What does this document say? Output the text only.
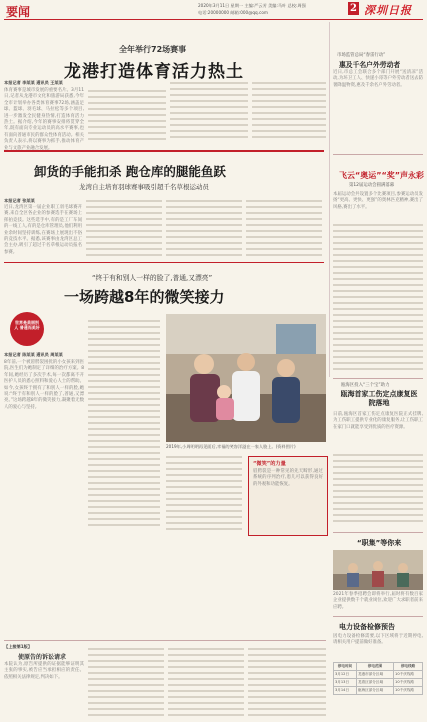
要闻	2020年3月11日 星期一 主编:严云芳 美编:马叶 总校:周强
电话:20000000 邮箱:000@qq.com	2 深圳日报
全年举行72场赛事
龙港打造体育活力热土
本报记者 李某某 通讯员 王某某
体育赛事是城市发展的重要名片。3月11日,记者从龙港市文化和旅游局获悉,今年全市计划举办各类体育赛事72场,涵盖足球、篮球、羽毛球、马拉松等多个项目,进一步激发全民健身热情,打造体育活力热土。据介绍,今年的赛事安排将贯穿全年,既有面向专业运动员的高水平赛事,也有面向普通市民的群众性体育活动。相关负责人表示,将以赛事为抓手,推动体育产业与文旅产业融合发展。
卸货的手能扣杀 跑仓库的腿能鱼跃
龙湾自主培育羽球赛事吸引超千名草根运动员
本报记者 张某某
近日,龙湾区第一届企业职工羽毛球赛开赛,来自全区各企业的参赛选手在赛场上挥拍竞技。这些选手中,有的是工厂车间的一线工人,有的是仓库管理员,他们利用业余时间坚持训练,在赛场上展现出不俗的竞技水平。据悉,该赛事由龙湾区总工会主办,吸引了超过千名草根运动员报名参赛。
“终于有和别人一样的脸了,普通,又漂亮”
一场跨越8年的微笑接力
世界是美丽别人 普通而美好
本报记者 陈某某 通讯员 周某某
8年前,一个被唇腭裂困扰的小女孩来到医院,医生们为她制定了详细的治疗方案。8年间,她经历了多次手术,每一次都离不开医护人员的悉心照料和爱心人士的帮助。如今,女孩终于拥有了和别人一样的脸,她说:“终于有和别人一样的脸了,普通,又漂亮。”这场跨越8年的微笑接力,凝聚着无数人的爱心与坚持。
2019年,小周明明再见面后,幸福的笑容洋溢在一家人脸上。(资料图片)
“微笑”的力量
唇腭裂是一种常见的先天畸形,通过系统的序列治疗,患儿可以获得良好的外观和功能恢复。
【上接第1版】
使原告的诉讼请求
本院认为,原告所提供的证据能够证明其主张的事实,被告应当承担相应的责任。依照相关法律规定,判决如下。
市场监管总局“春雷行动”
惠及千名户外劳动者
近日,市总工会联合多个部门开展“送清凉”活动,为环卫工人、快递小哥等户外劳动者送去防暑降温物资,惠及千余名户外劳动者。
飞云“奥运”“奖”声永彩
第12届运动会圆满落幕
本届运动会共设置多个比赛项目,参赛运动员发扬“更高、更快、更强”的奥林匹克精神,赛出了风格,赛出了水平。
瓯海区投入“三个宝”助力
瓯海首家工伤定点康复医院落地
日前,瓯海区首家工伤定点康复医院正式挂牌,为工伤职工提供专业化的康复服务,让工伤职工在家门口就能享受到优质的医疗资源。
“职集”等你来
2021年春季招聘会即将举行,届时将有数百家企业提供数千个就业岗位,欢迎广大求职者前来应聘。
电力设备检修预告
因电力设备检修需要,以下区域将于近期停电,请相关用户提前做好准备。
停电时间	停电范围	停电线路
3月12日	龙港市部分区域	10千伏线路
3月13日	龙湾区部分区域	10千伏线路
3月14日	瓯海区部分区域	10千伏线路
